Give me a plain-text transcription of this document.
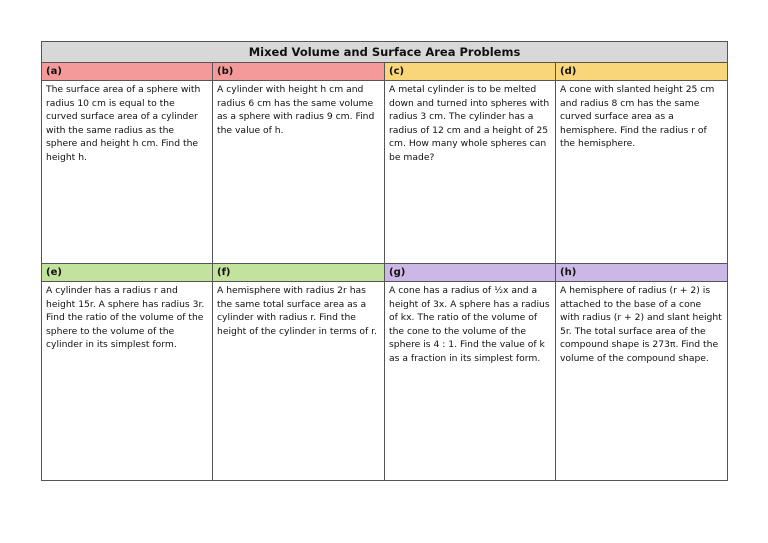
Mixed Volume and Surface Area Problems			
(a)	(b)	(c)	(d)
The surface area of a sphere with radius 10 cm is equal to the curved surface area of a cylinder with the same radius as the sphere and height h cm. Find the height h.	A cylinder with height h cm and radius 6 cm has the same volume as a sphere with radius 9 cm. Find the value of h.	A metal cylinder is to be melted down and turned into spheres with radius 3 cm. The cylinder has a radius of 12 cm and a height of 25 cm. How many whole spheres can be made?	A cone with slanted height 25 cm and radius 8 cm has the same curved surface area as a hemisphere. Find the radius r of the hemisphere.
(e)	(f)	(g)	(h)
A cylinder has a radius r and height 15r. A sphere has radius 3r. Find the ratio of the volume of the sphere to the volume of the cylinder in its simplest form.	A hemisphere with radius 2r has the same total surface area as a cylinder with radius r. Find the height of the cylinder in terms of r.	A cone has a radius of ½x and a height of 3x. A sphere has a radius of kx. The ratio of the volume of the cone to the volume of the sphere is 4 : 1. Find the value of k as a fraction in its simplest form.	A hemisphere of radius (r + 2) is attached to the base of a cone with radius (r + 2) and slant height 5r. The total surface area of the compound shape is 273π. Find the volume of the compound shape.
